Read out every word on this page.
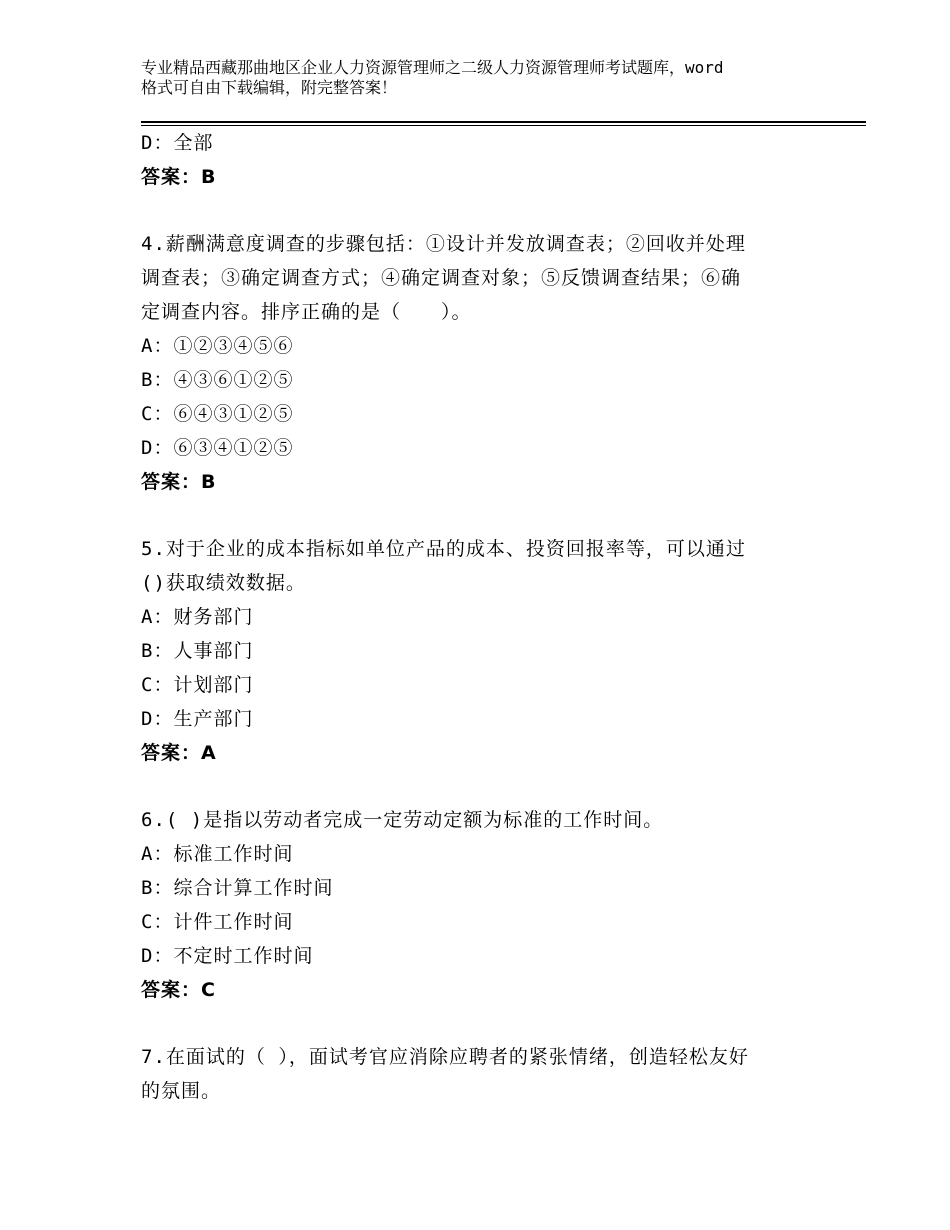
专业精品西藏那曲地区企业人力资源管理师之二级人力资源管理师考试题库，word
格式可自由下载编辑，附完整答案！
D：全部
答案：B
4.薪酬满意度调查的步骤包括：①设计并发放调查表；②回收并处理
调查表；③确定调查方式；④确定调查对象；⑤反馈调查结果；⑥确
定调查内容。排序正确的是（　　）。
A：①②③④⑤⑥
B：④③⑥①②⑤
C：⑥④③①②⑤
D：⑥③④①②⑤
答案：B
5.对于企业的成本指标如单位产品的成本、投资回报率等，可以通过
()获取绩效数据。
A：财务部门
B：人事部门
C：计划部门
D：生产部门
答案：A
6.( )是指以劳动者完成一定劳动定额为标准的工作时间。
A：标准工作时间
B：综合计算工作时间
C：计件工作时间
D：不定时工作时间
答案：C
7.在面试的（ ），面试考官应消除应聘者的紧张情绪，创造轻松友好
的氛围。
